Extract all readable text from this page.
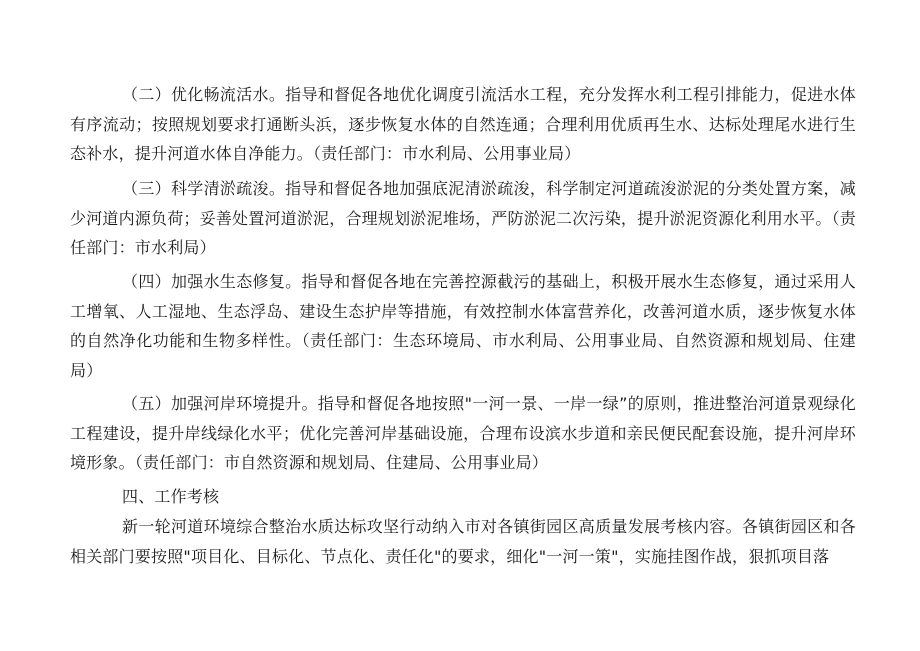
（二）优化畅流活水。指导和督促各地优化调度引流活水工程，充分发挥水利工程引排能力，促进水体有序流动；按照规划要求打通断头浜，逐步恢复水体的自然连通；合理利用优质再生水、达标处理尾水进行生态补水，提升河道水体自净能力。（责任部门：市水利局、公用事业局）

（三）科学清淤疏浚。指导和督促各地加强底泥清淤疏浚，科学制定河道疏浚淤泥的分类处置方案，减少河道内源负荷；妥善处置河道淤泥，合理规划淤泥堆场，严防淤泥二次污染，提升淤泥资源化利用水平。（责任部门：市水利局）

（四）加强水生态修复。指导和督促各地在完善控源截污的基础上，积极开展水生态修复，通过采用人工增氧、人工湿地、生态浮岛、建设生态护岸等措施，有效控制水体富营养化，改善河道水质，逐步恢复水体的自然净化功能和生物多样性。（责任部门：生态环境局、市水利局、公用事业局、自然资源和规划局、住建局）

（五）加强河岸环境提升。指导和督促各地按照"一河一景、一岸一绿”的原则，推进整治河道景观绿化工程建设，提升岸线绿化水平；优化完善河岸基础设施，合理布设滨水步道和亲民便民配套设施，提升河岸环境形象。（责任部门：市自然资源和规划局、住建局、公用事业局）

四、工作考核

新一轮河道环境综合整治水质达标攻坚行动纳入市对各镇街园区高质量发展考核内容。各镇街园区和各相关部门要按照"项目化、目标化、节点化、责任化"的要求，细化"一河一策"，实施挂图作战，狠抓项目落
